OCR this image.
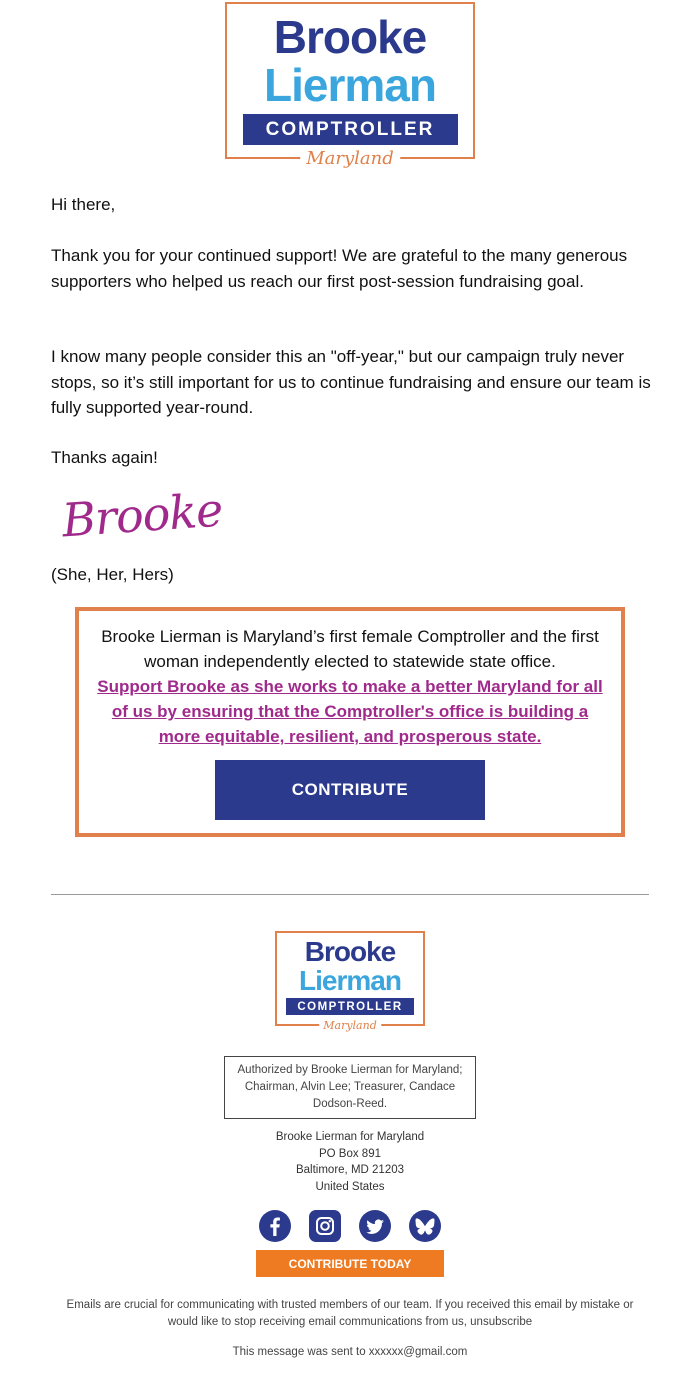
Brooke
Lierman
COMPTROLLER
Maryland

Hi there,

Thank you for your continued support! We are grateful to the many generous supporters who helped us reach our first post-session fundraising goal.

I know many people consider this an "off-year," but our campaign truly never stops, so it’s still important for us to continue fundraising and ensure our team is fully supported year-round.

Thanks again!

Brooke

(She, Her, Hers)

Brooke Lierman is Maryland’s first female Comptroller and the first woman independently elected to statewide state office.
Support Brooke as she works to make a better Maryland for all of us by ensuring that the Comptroller's office is building a more equitable, resilient, and prosperous state.
CONTRIBUTE
Brooke
Lierman
COMPTROLLER
Maryland
Authorized by Brooke Lierman for Maryland; Chairman, Alvin Lee; Treasurer, Candace Dodson-Reed.
Brooke Lierman for Maryland
PO Box 891
Baltimore, MD 21203
United States
CONTRIBUTE TODAY

Emails are crucial for communicating with trusted members of our team. If you received this email by mistake or would like to stop receiving email communications from us, unsubscribe

This message was sent to xxxxxx@gmail.com
